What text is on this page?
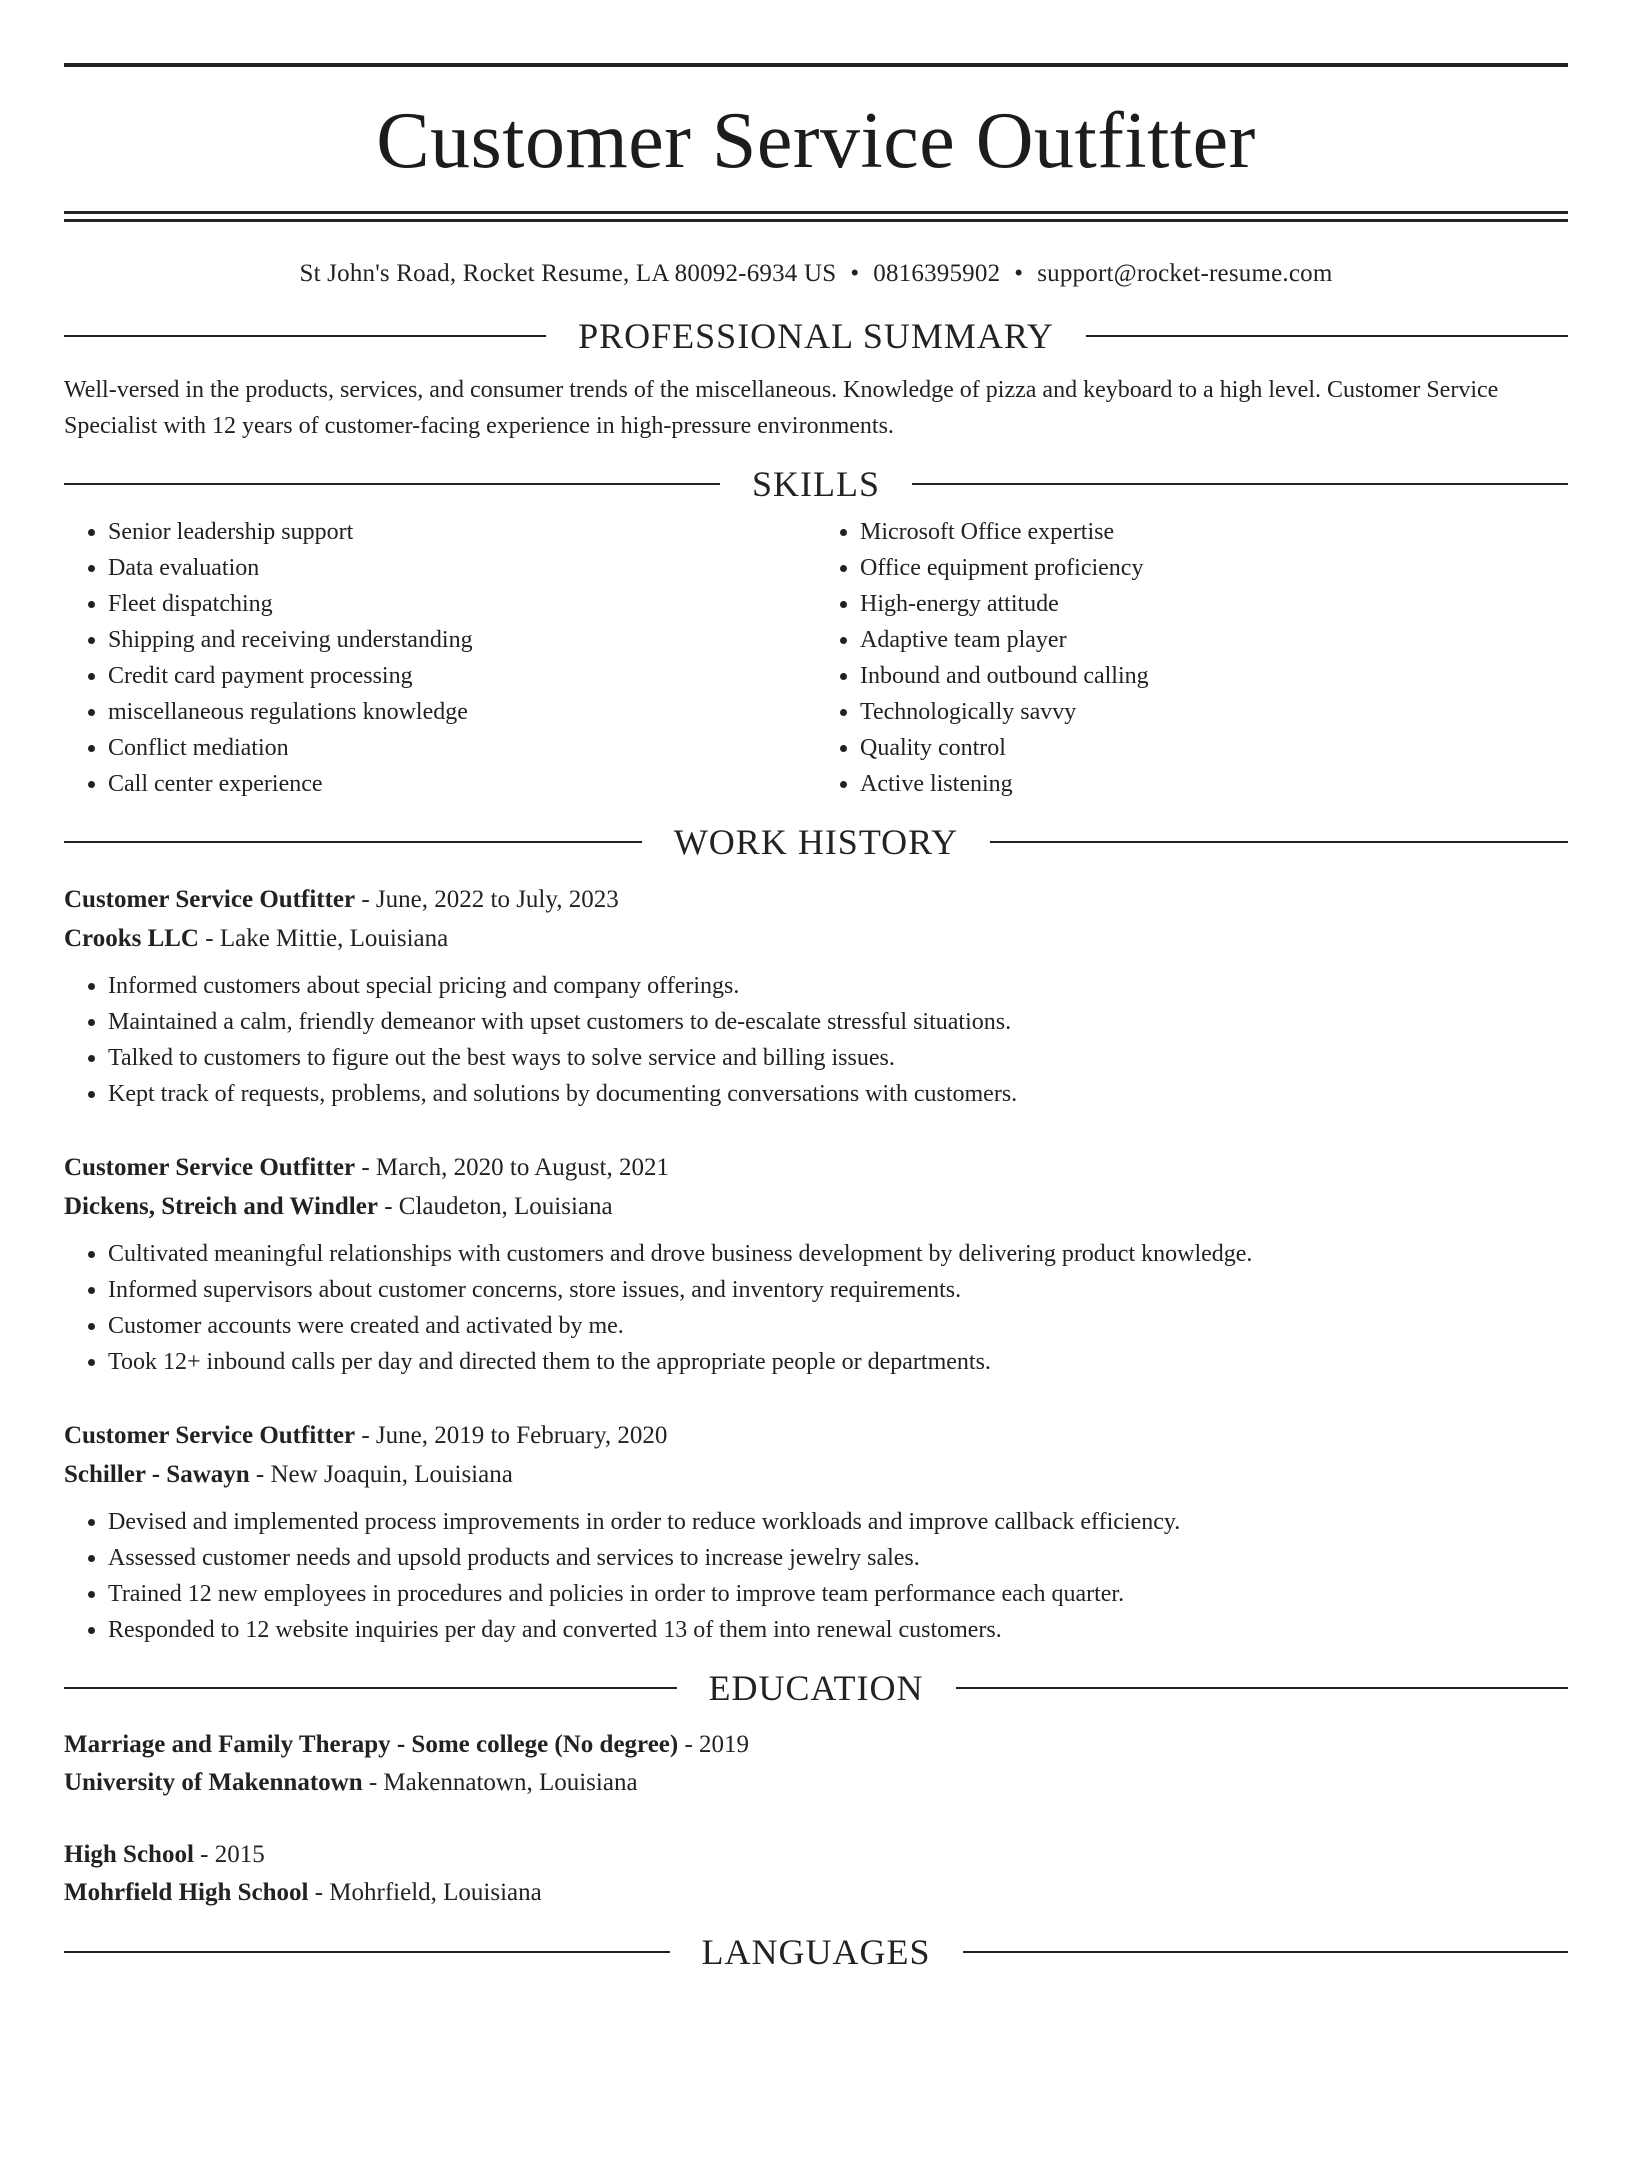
Customer Service Outfitter
St John's Road, Rocket Resume, LA 80092-6934 US • 0816395902 • support@rocket-resume.com
PROFESSIONAL SUMMARY
Well-versed in the products, services, and consumer trends of the miscellaneous. Knowledge of pizza and keyboard to a high level. Customer Service Specialist with 12 years of customer-facing experience in high-pressure environments.
SKILLS
• Senior leadership support
• Data evaluation
• Fleet dispatching
• Shipping and receiving understanding
• Credit card payment processing
• miscellaneous regulations knowledge
• Conflict mediation
• Call center experience
• Microsoft Office expertise
• Office equipment proficiency
• High-energy attitude
• Adaptive team player
• Inbound and outbound calling
• Technologically savvy
• Quality control
• Active listening
WORK HISTORY
Customer Service Outfitter - June, 2022 to July, 2023
Crooks LLC - Lake Mittie, Louisiana
• Informed customers about special pricing and company offerings.
• Maintained a calm, friendly demeanor with upset customers to de-escalate stressful situations.
• Talked to customers to figure out the best ways to solve service and billing issues.
• Kept track of requests, problems, and solutions by documenting conversations with customers.
Customer Service Outfitter - March, 2020 to August, 2021
Dickens, Streich and Windler - Claudeton, Louisiana
• Cultivated meaningful relationships with customers and drove business development by delivering product knowledge.
• Informed supervisors about customer concerns, store issues, and inventory requirements.
• Customer accounts were created and activated by me.
• Took 12+ inbound calls per day and directed them to the appropriate people or departments.
Customer Service Outfitter - June, 2019 to February, 2020
Schiller - Sawayn - New Joaquin, Louisiana
• Devised and implemented process improvements in order to reduce workloads and improve callback efficiency.
• Assessed customer needs and upsold products and services to increase jewelry sales.
• Trained 12 new employees in procedures and policies in order to improve team performance each quarter.
• Responded to 12 website inquiries per day and converted 13 of them into renewal customers.
EDUCATION
Marriage and Family Therapy - Some college (No degree) - 2019
University of Makennatown - Makennatown, Louisiana
High School - 2015
Mohrfield High School - Mohrfield, Louisiana
LANGUAGES
